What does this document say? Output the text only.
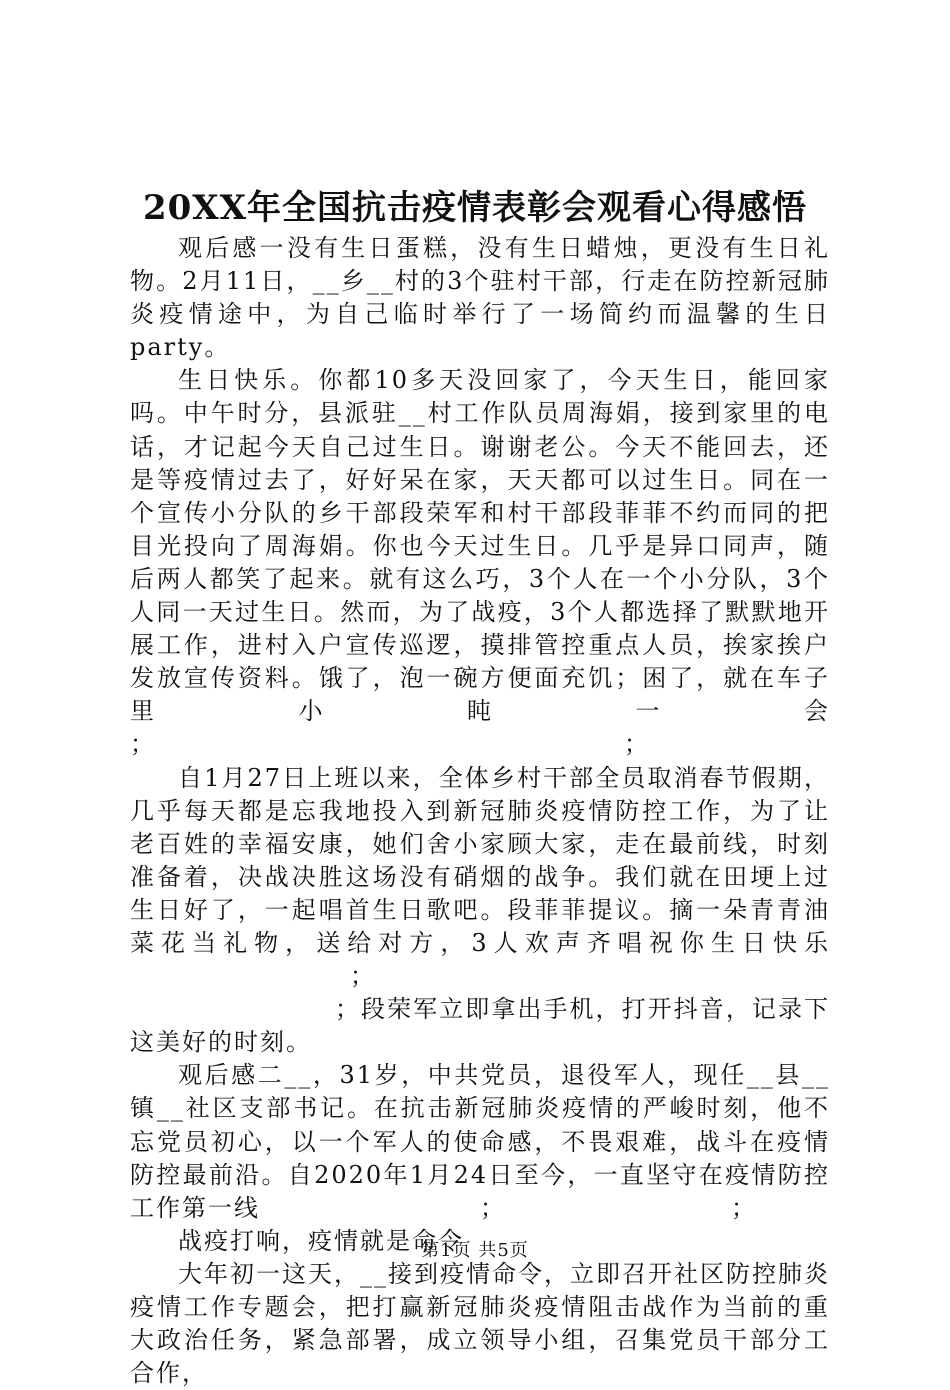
20XX年全国抗击疫情表彰会观看心得感悟

观后感一没有生日蛋糕，没有生日蜡烛，更没有生日礼物。2月11日，__乡__村的3个驻村干部，行走在防控新冠肺炎疫情途中，为自己临时举行了一场简约而温馨的生日party。

生日快乐。你都10多天没回家了，今天生日，能回家吗。中午时分，县派驻__村工作队员周海娟，接到家里的电话，才记起今天自己过生日。谢谢老公。今天不能回去，还是等疫情过去了，好好呆在家，天天都可以过生日。同在一个宣传小分队的乡干部段荣军和村干部段菲菲不约而同的把目光投向了周海娟。你也今天过生日。几乎是异口同声，随后两人都笑了起来。就有这么巧，3个人在一个小分队，3个人同一天过生日。然而，为了战疫，3个人都选择了默默地开展工作，进村入户宣传巡逻，摸排管控重点人员，挨家挨户发放宣传资料。饿了，泡一碗方便面充饥；困了，就在车子里小盹一会

；	；

自1月27日上班以来，全体乡村干部全员取消春节假期，几乎每天都是忘我地投入到新冠肺炎疫情防控工作，为了让老百姓的幸福安康，她们舍小家顾大家，走在最前线，时刻准备着，决战决胜这场没有硝烟的战争。我们就在田埂上过生日好了，一起唱首生日歌吧。段菲菲提议。摘一朵青青油菜花当礼物，送给对方，3人欢声齐唱祝你生日快乐；
；段荣军立即拿出手机，打开抖音，记录下这美好的时刻。

观后感二__，31岁，中共党员，退役军人，现任__县__镇__社区支部书记。在抗击新冠肺炎疫情的严峻时刻，他不忘党员初心，以一个军人的使命感，不畏艰难，战斗在疫情防控最前沿。自2020年1月24日至今，一直坚守在疫情防控工作第一线	；	；

战疫打响，疫情就是命令

大年初一这天，__接到疫情命令，立即召开社区防控肺炎疫情工作专题会，把打赢新冠肺炎疫情阻击战作为当前的重大政治任务，紧急部署，成立领导小组，召集党员干部分工合作，

第1页 共5页
